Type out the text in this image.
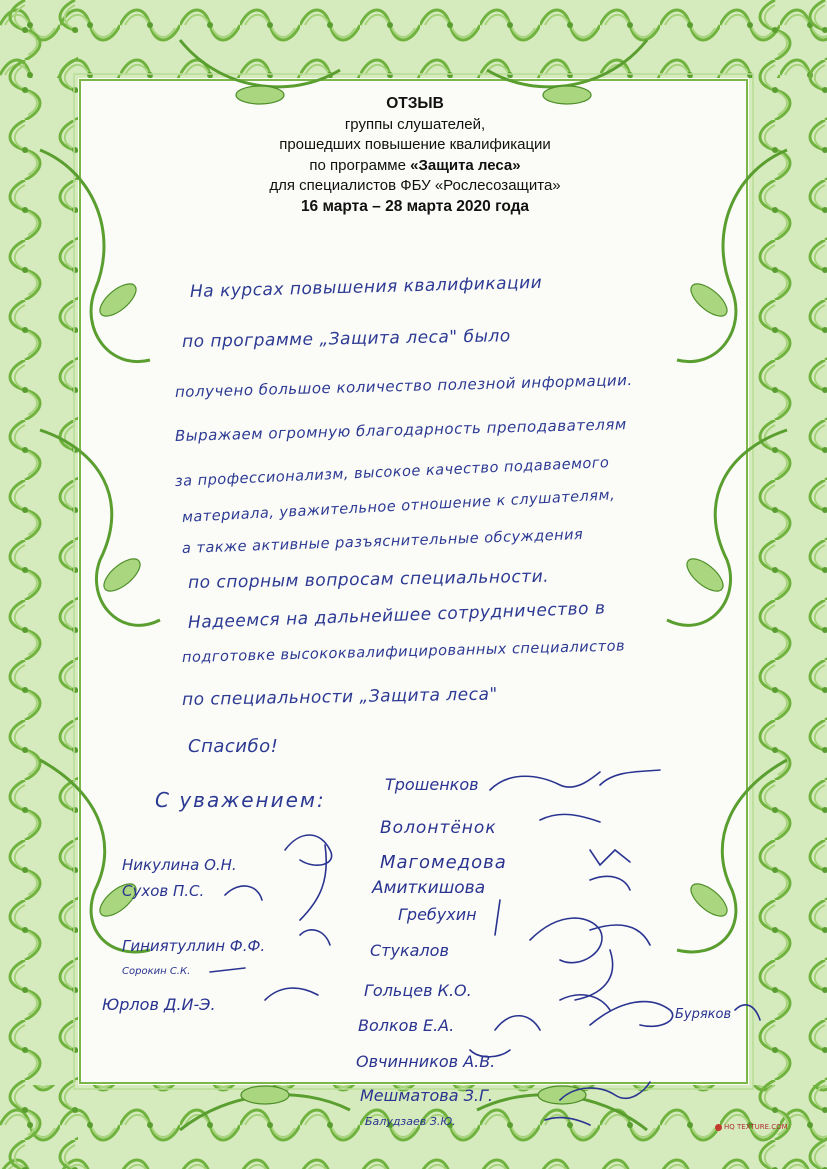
ОТЗЫВ
группы слушателей,
прошедших повышение квалификации
по программе «Защита леса»
для специалистов ФБУ «Рослесозащита»
16 марта – 28 марта 2020 года
На курсах повышения квалификации
по программе „Защита леса" было
получено большое количество полезной информации.
Выражаем огромную благодарность преподавателям
за профессионализм, высокое качество подаваемого
материала, уважительное отношение к слушателям,
а также активные разъяснительные обсуждения
по спорным вопросам специальности.
Надеемся на дальнейшее сотрудничество в
подготовке высококвалифицированных специалистов
по специальности „Защита леса"
Спасибо!
С уважением:
Трошенков
Волонтёнок
Магомедова
Амиткишова
Гребухин
Никулина О.Н.
Сухов П.С.
Гиниятуллин Ф.Ф.
Сорокин С.К.
Юрлов Д.И-Э.
Стукалов
Гольцев К.О.
Волков Е.А.
Буряков
Овчинников А.В.
Мешматова З.Г.
Балудзаев З.Ю.	HQ TEXTURE.COM
